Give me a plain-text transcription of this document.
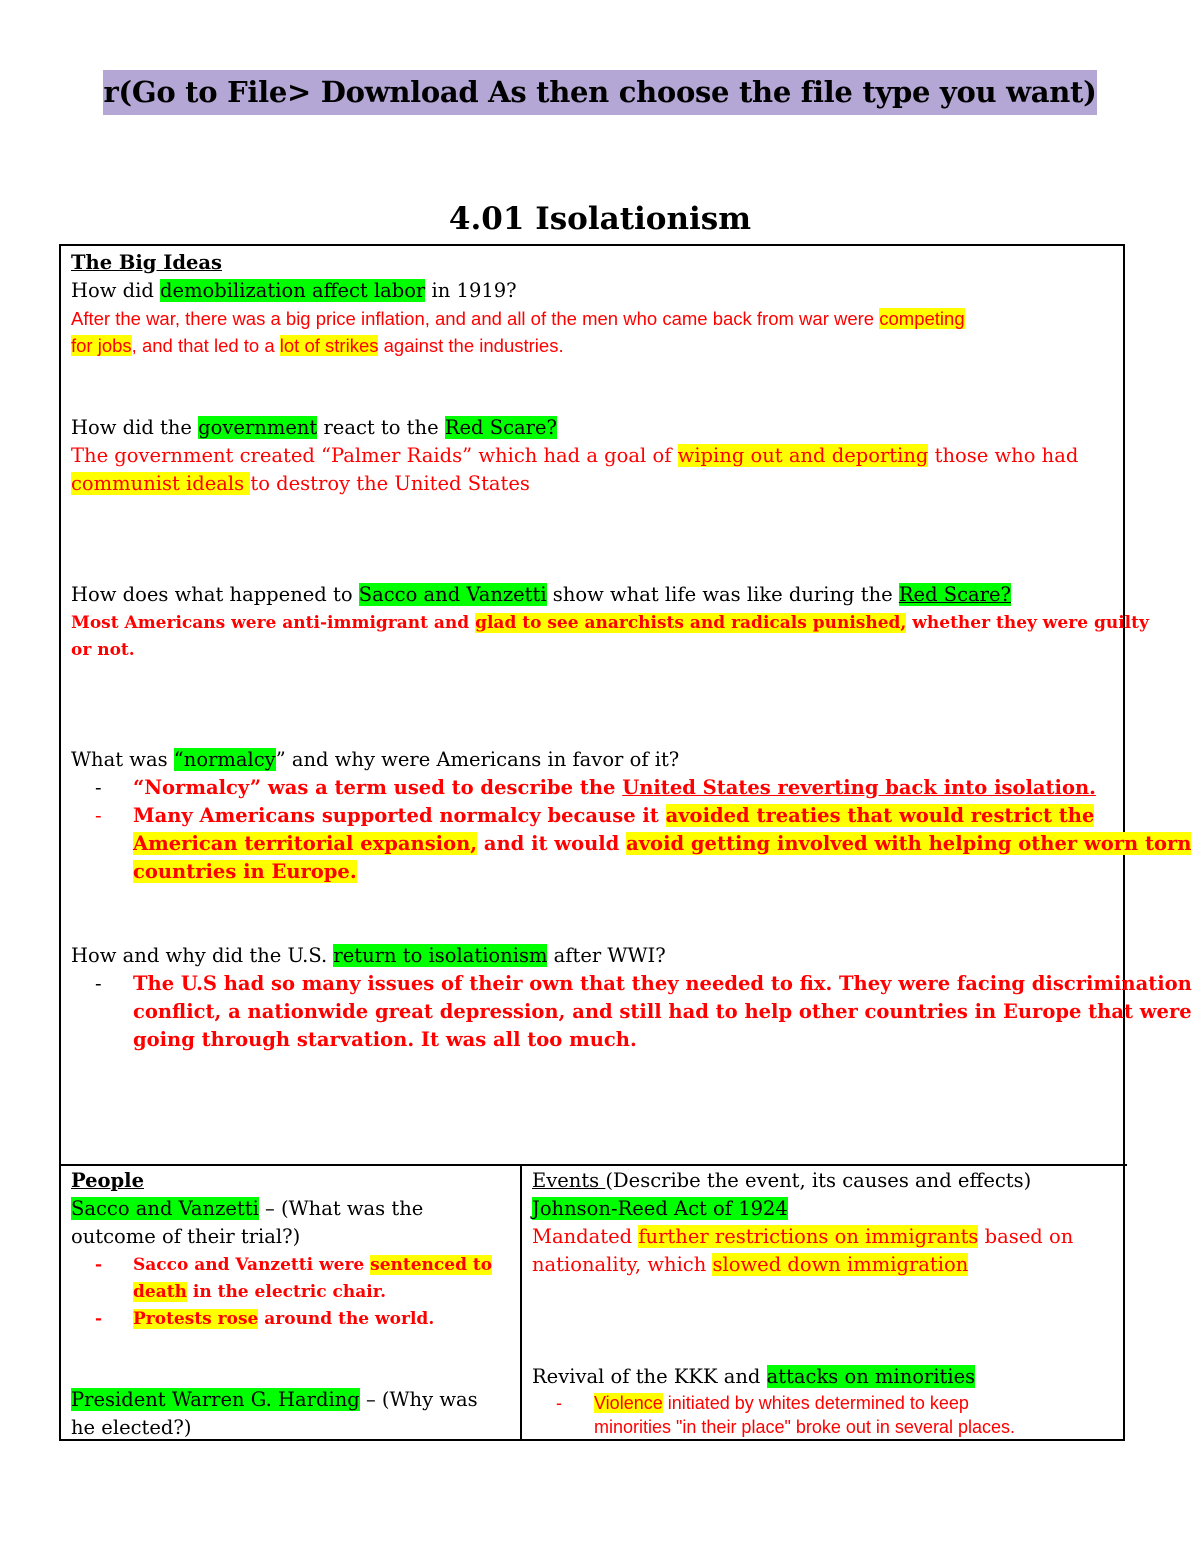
r(Go to File> Download As then choose the file type you want)
4.01 Isolationism
The Big Ideas
How did demobilization affect labor in 1919?
After the war, there was a big price inflation, and and all of the men who came back from war were competing
for jobs, and that led to a lot of strikes against the industries.
How did the government react to the Red Scare?
The government created “Palmer Raids” which had a goal of wiping out and deporting those who had
communist ideals to destroy the United States
How does what happened to Sacco and Vanzetti show what life was like during the Red Scare?
Most Americans were anti-immigrant and glad to see anarchists and radicals punished, whether they were guilty
or not.
What was “normalcy” and why were Americans in favor of it?
- “Normalcy” was a term used to describe the United States reverting back into isolation.
- Many Americans supported normalcy because it avoided treaties that would restrict the
American territorial expansion, and it would avoid getting involved with helping other worn torn
countries in Europe.
How and why did the U.S. return to isolationism after WWI?
- The U.S had so many issues of their own that they needed to fix. They were facing discrimination
conflict, a nationwide great depression, and still had to help other countries in Europe that were
going through starvation. It was all too much.
People
Sacco and Vanzetti – (What was the
outcome of their trial?)
- Sacco and Vanzetti were sentenced to
death in the electric chair.
- Protests rose around the world.
President Warren G. Harding – (Why was
he elected?)
Events (Describe the event, its causes and effects)
Johnson-Reed Act of 1924
Mandated further restrictions on immigrants based on
nationality, which slowed down immigration
Revival of the KKK and attacks on minorities
- Violence initiated by whites determined to keep
minorities "in their place" broke out in several places.
